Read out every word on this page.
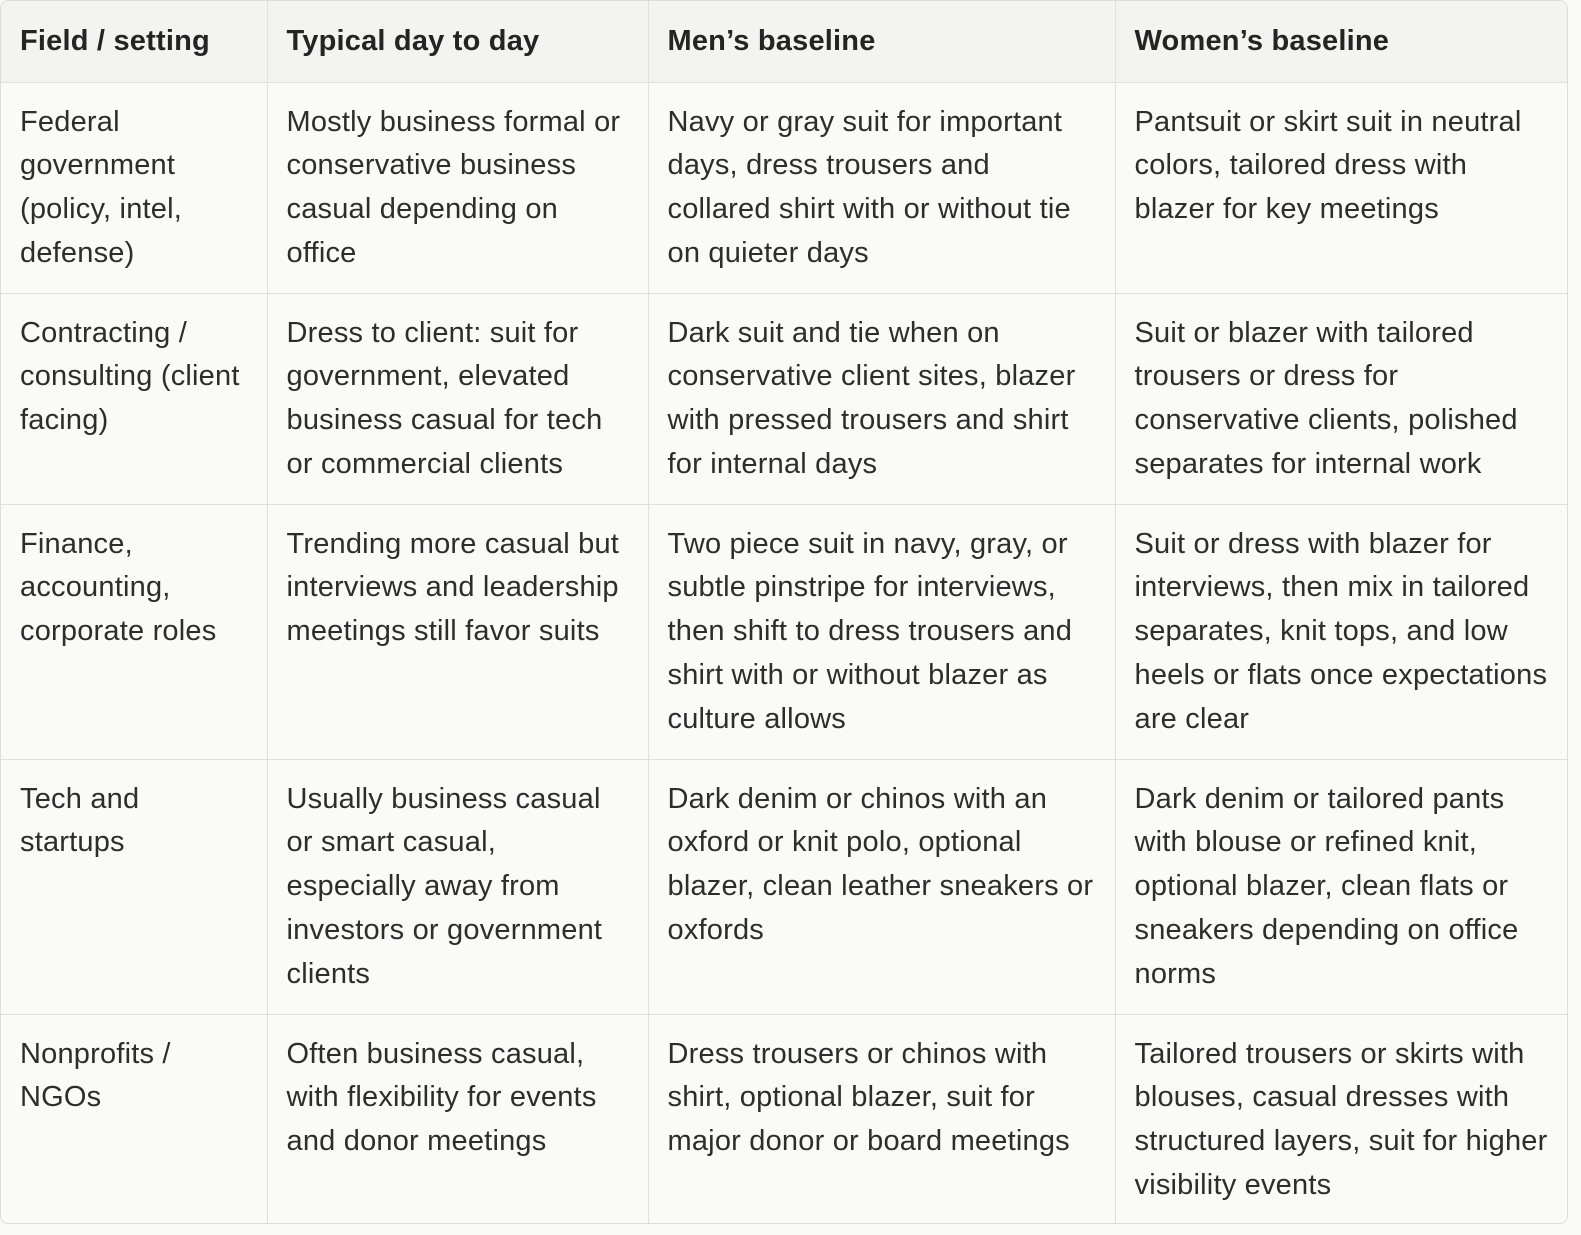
Field / setting	Typical day to day	Men’s baseline	Women’s baseline
Federal government (policy, intel, defense)	Mostly business formal or conservative business casual depending on office	Navy or gray suit for important days, dress trousers and collared shirt with or without tie on quieter days	Pantsuit or skirt suit in neutral colors, tailored dress with blazer for key meetings
Contracting / consulting (client facing)	Dress to client: suit for government, elevated business casual for tech or commercial clients	Dark suit and tie when on conservative client sites, blazer with pressed trousers and shirt for internal days	Suit or blazer with tailored trousers or dress for conservative clients, polished separates for internal work
Finance, accounting, corporate roles	Trending more casual but interviews and leadership meetings still favor suits	Two piece suit in navy, gray, or subtle pinstripe for interviews, then shift to dress trousers and shirt with or without blazer as culture allows	Suit or dress with blazer for interviews, then mix in tailored separates, knit tops, and low heels or flats once expectations are clear
Tech and startups	Usually business casual or smart casual, especially away from investors or government clients	Dark denim or chinos with an oxford or knit polo, optional blazer, clean leather sneakers or oxfords	Dark denim or tailored pants with blouse or refined knit, optional blazer, clean flats or sneakers depending on office norms
Nonprofits / NGOs	Often business casual, with flexibility for events and donor meetings	Dress trousers or chinos with shirt, optional blazer, suit for major donor or board meetings	Tailored trousers or skirts with blouses, casual dresses with structured layers, suit for higher visibility events
